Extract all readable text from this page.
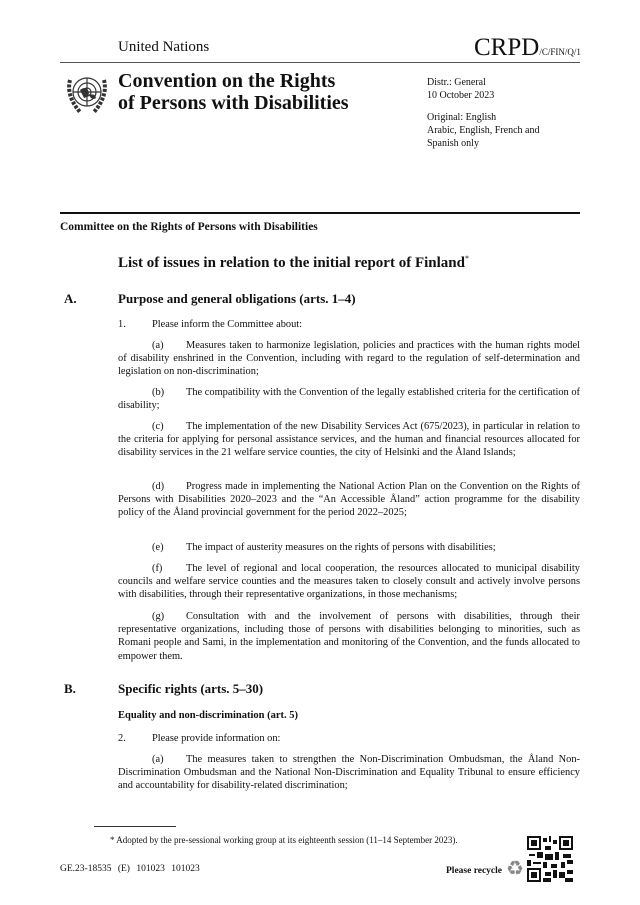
United Nations	CRPD/C/FIN/Q/1
Convention on the Rights
of Persons with Disabilities
Distr.: General
10 October 2023
Original: English
Arabic, English, French and
Spanish only
Committee on the Rights of Persons with Disabilities
List of issues in relation to the initial report of Finland*
A.	Purpose and general obligations (arts. 1–4)
1.	Please inform the Committee about:
(a) Measures taken to harmonize legislation, policies and practices with the human rights model of disability enshrined in the Convention, including with regard to the regulation of self-determination and legislation on non-discrimination;
(b) The compatibility with the Convention of the legally established criteria for the certification of disability;
(c) The implementation of the new Disability Services Act (675/2023), in particular in relation to the criteria for applying for personal assistance services, and the human and financial resources allocated for disability services in the 21 welfare service counties, the city of Helsinki and the Åland Islands;
(d) Progress made in implementing the National Action Plan on the Convention on the Rights of Persons with Disabilities 2020–2023 and the “An Accessible Åland” action programme for the disability policy of the Åland provincial government for the period 2022–2025;
(e) The impact of austerity measures on the rights of persons with disabilities;
(f) The level of regional and local cooperation, the resources allocated to municipal disability councils and welfare service counties and the measures taken to closely consult and actively involve persons with disabilities, through their representative organizations, in those mechanisms;
(g) Consultation with and the involvement of persons with disabilities, through their representative organizations, including those of persons with disabilities belonging to minorities, such as Romani people and Sami, in the implementation and monitoring of the Convention, and the funds allocated to empower them.
B.	Specific rights (arts. 5–30)
Equality and non-discrimination (art. 5)
2.	Please provide information on:
(a) The measures taken to strengthen the Non-Discrimination Ombudsman, the Åland Non-Discrimination Ombudsman and the National Non-Discrimination and Equality Tribunal to ensure efficiency and accountability for disability-related discrimination;
* Adopted by the pre-sessional working group at its eighteenth session (11–14 September 2023).
GE.23-18535 (E) 101023 101023	Please recycle ♻
